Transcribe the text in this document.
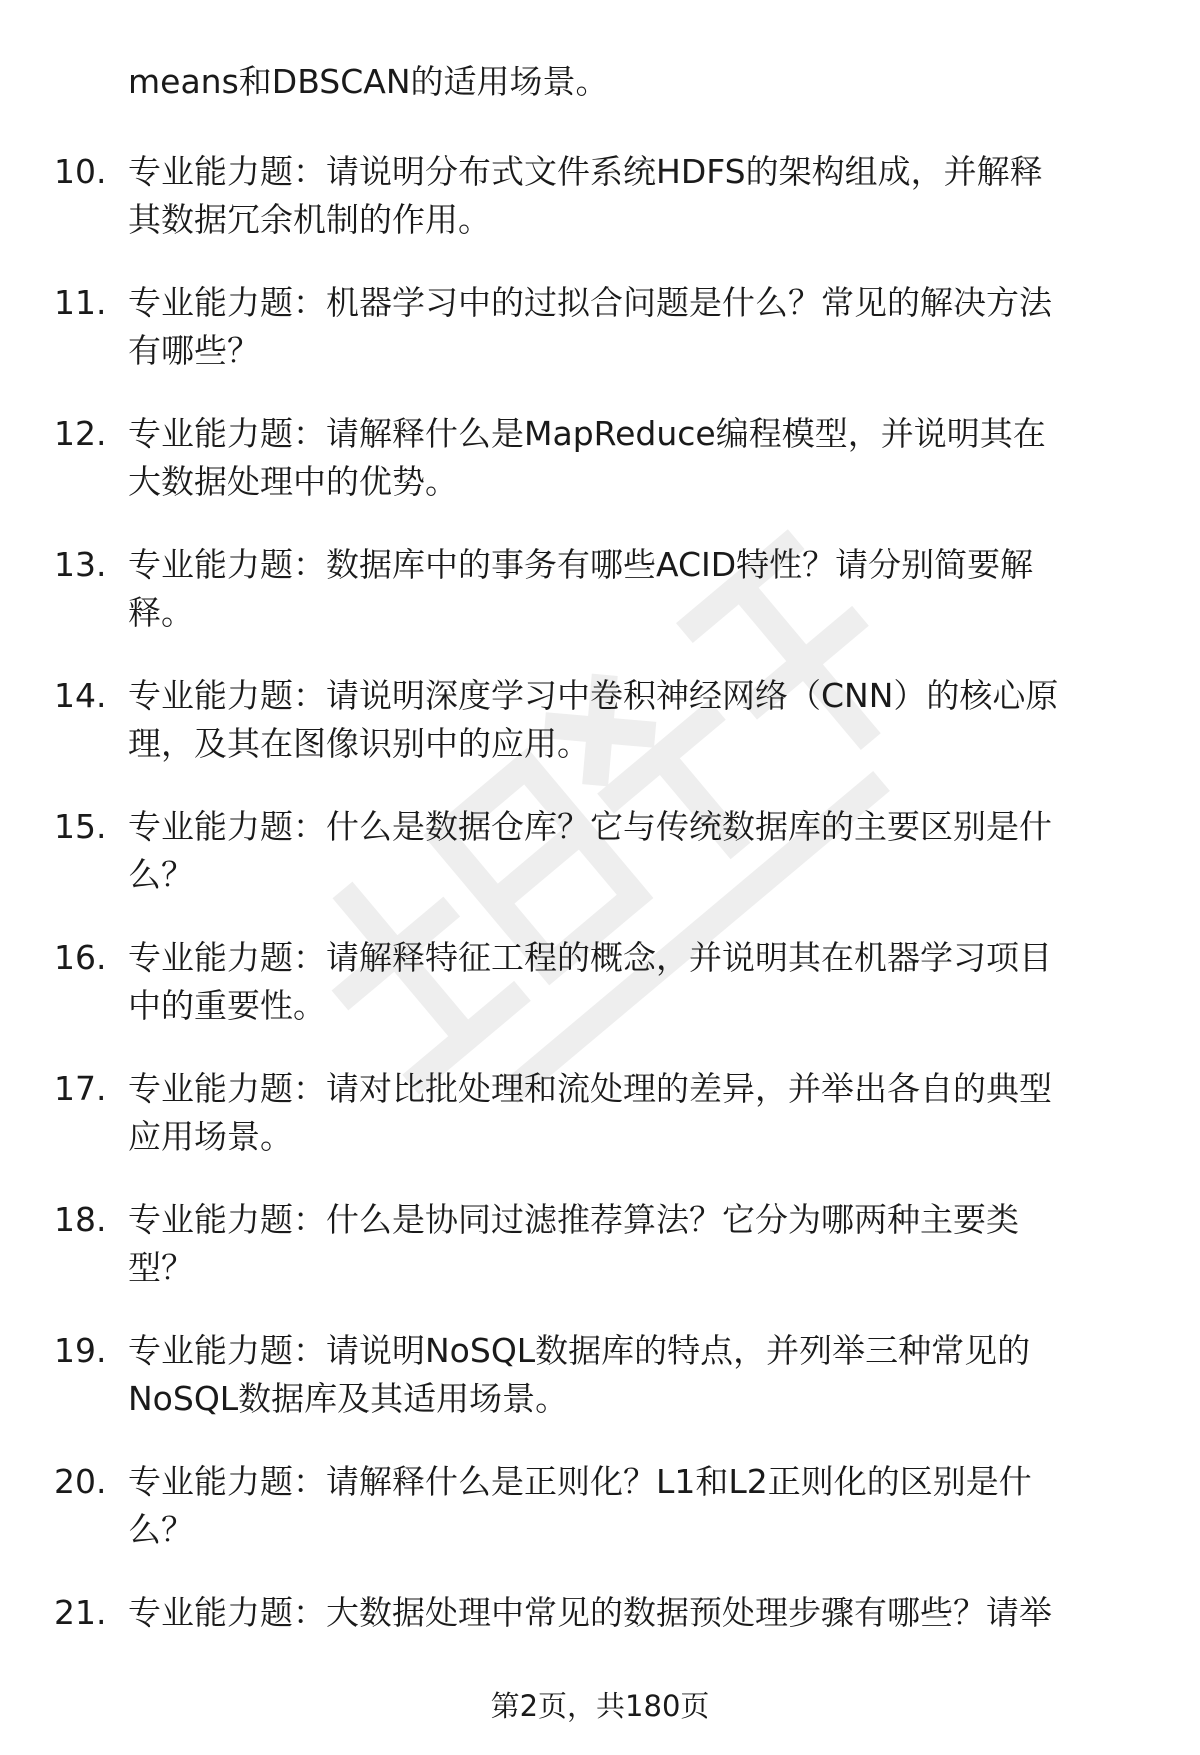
means和DBSCAN的适用场景。
10. 专业能力题：请说明分布式文件系统HDFS的架构组成，并解释
其数据冗余机制的作用。
11. 专业能力题：机器学习中的过拟合问题是什么？常见的解决方法
有哪些？
12. 专业能力题：请解释什么是MapReduce编程模型，并说明其在
大数据处理中的优势。
13. 专业能力题：数据库中的事务有哪些ACID特性？请分别简要解
释。
14. 专业能力题：请说明深度学习中卷积神经网络（CNN）的核心原
理，及其在图像识别中的应用。
15. 专业能力题：什么是数据仓库？它与传统数据库的主要区别是什
么？
16. 专业能力题：请解释特征工程的概念，并说明其在机器学习项目
中的重要性。
17. 专业能力题：请对比批处理和流处理的差异，并举出各自的典型
应用场景。
18. 专业能力题：什么是协同过滤推荐算法？它分为哪两种主要类
型？
19. 专业能力题：请说明NoSQL数据库的特点，并列举三种常见的
NoSQL数据库及其适用场景。
20. 专业能力题：请解释什么是正则化？L1和L2正则化的区别是什
么？
21. 专业能力题：大数据处理中常见的数据预处理步骤有哪些？请举
第2页，共180页
